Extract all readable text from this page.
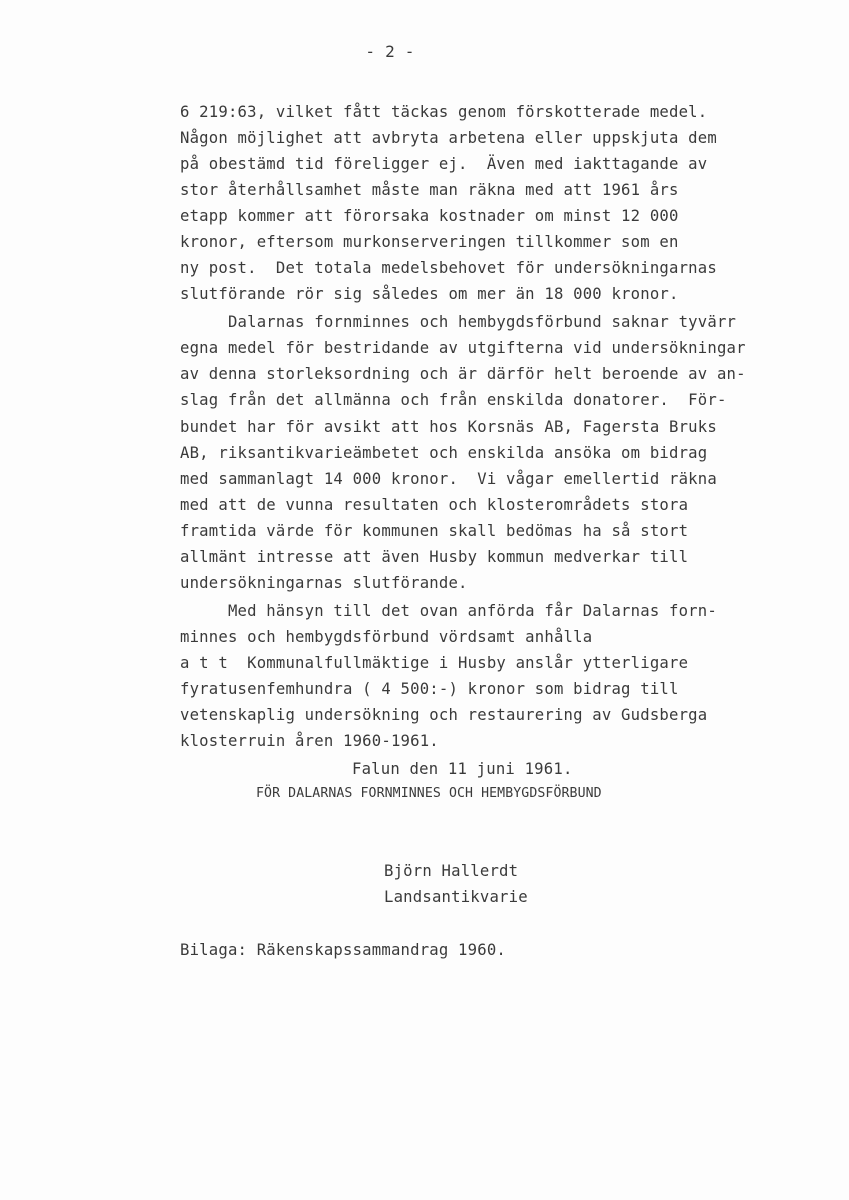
- 2 -
6 219:63, vilket fått täckas genom förskotterade medel.
Någon möjlighet att avbryta arbetena eller uppskjuta dem
på obestämd tid föreligger ej.  Även med iakttagande av
stor återhållsamhet måste man räkna med att 1961 års
etapp kommer att förorsaka kostnader om minst 12 000
kronor, eftersom murkonserveringen tillkommer som en
ny post.  Det totala medelsbehovet för undersökningarnas
slutförande rör sig således om mer än 18 000 kronor.
Dalarnas fornminnes och hembygdsförbund saknar tyvärr
egna medel för bestridande av utgifterna vid undersökningar
av denna storleksordning och är därför helt beroende av an-
slag från det allmänna och från enskilda donatorer.  För-
bundet har för avsikt att hos Korsnäs AB, Fagersta Bruks
AB, riksantikvarieämbetet och enskilda ansöka om bidrag
med sammanlagt 14 000 kronor.  Vi vågar emellertid räkna
med att de vunna resultaten och klosterområdets stora
framtida värde för kommunen skall bedömas ha så stort
allmänt intresse att även Husby kommun medverkar till
undersökningarnas slutförande.
Med hänsyn till det ovan anförda får Dalarnas forn-
minnes och hembygdsförbund vördsamt anhålla
a t t  Kommunalfullmäktige i Husby anslår ytterligare
fyratusenfemhundra ( 4 500:-) kronor som bidrag till
vetenskaplig undersökning och restaurering av Gudsberga
klosterruin åren 1960-1961.
Falun den 11 juni 1961.
FÖR DALARNAS FORNMINNES OCH HEMBYGDSFÖRBUND
Björn Hallerdt
Landsantikvarie
Bilaga: Räkenskapssammandrag 1960.
